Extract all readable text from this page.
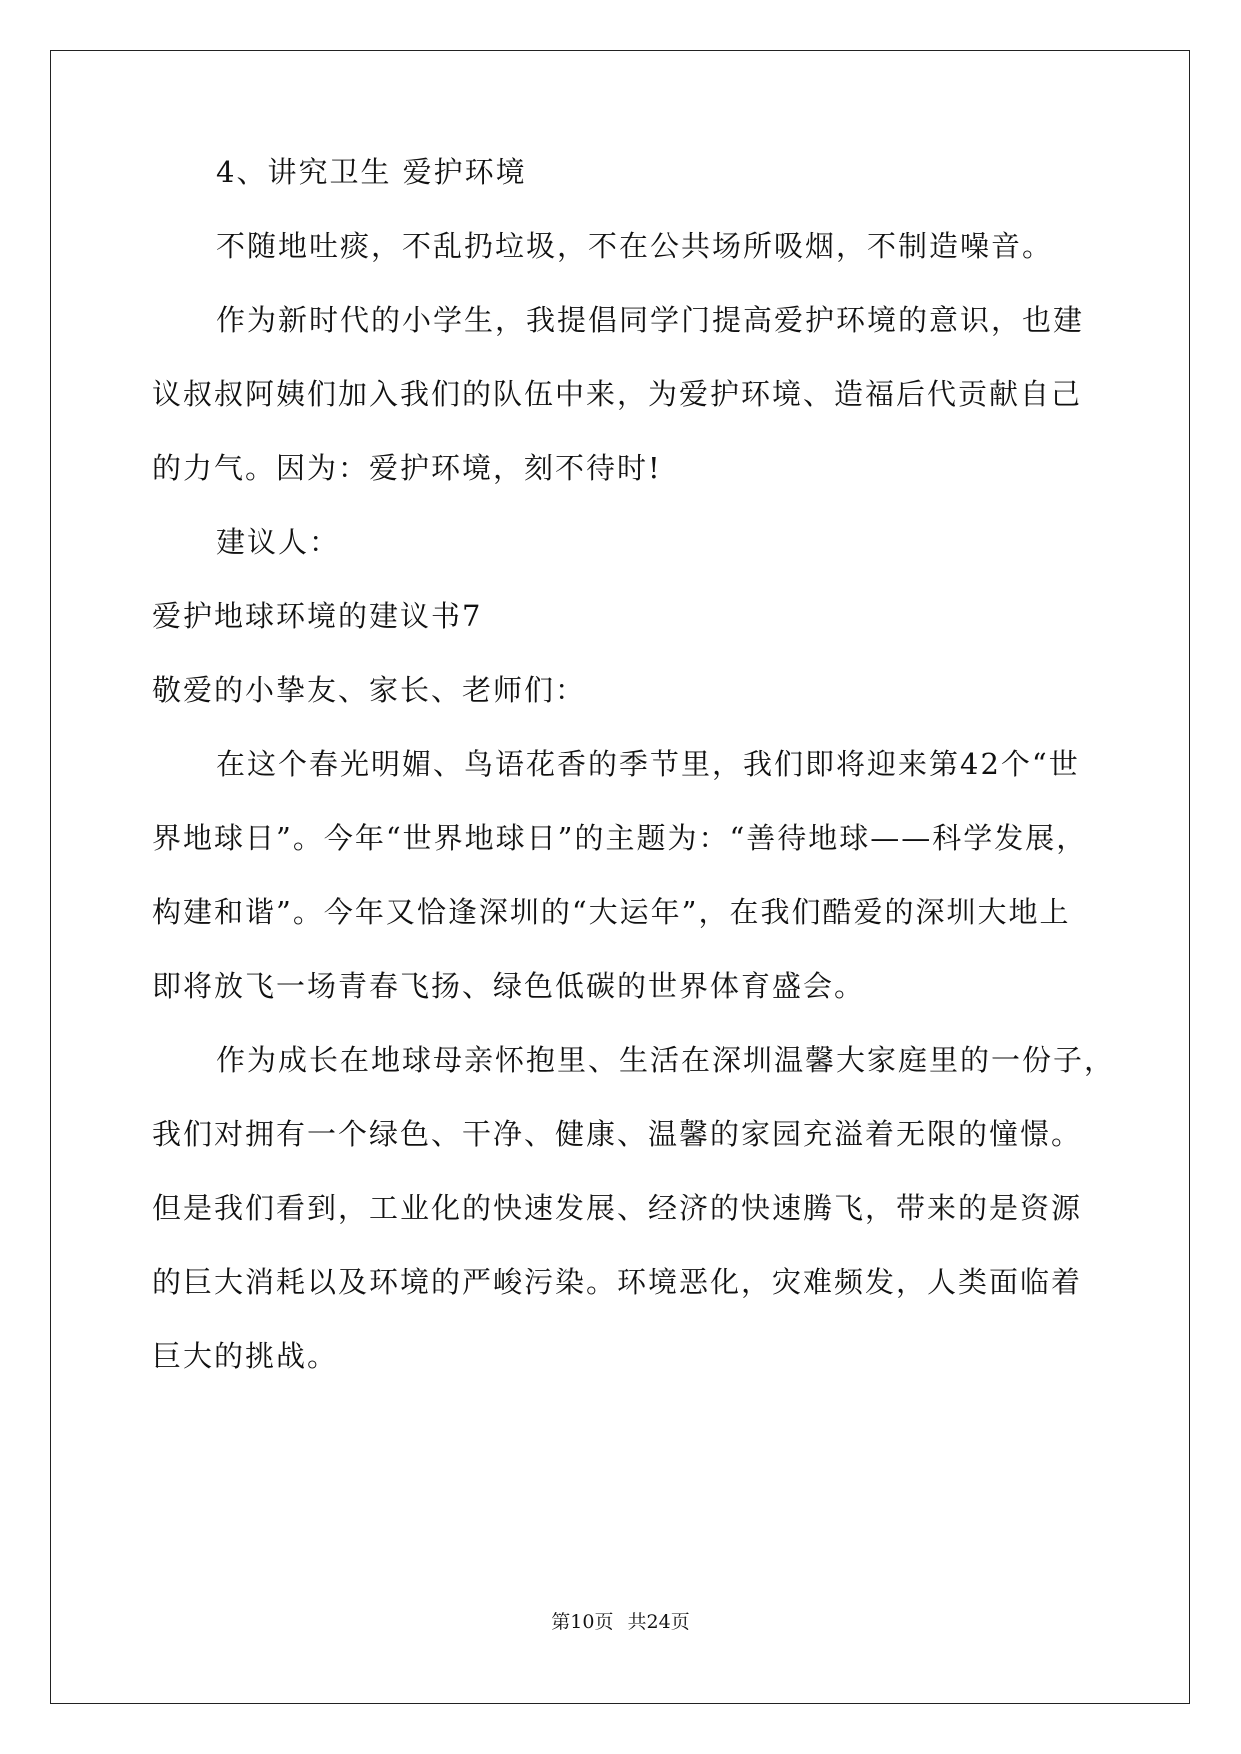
4、讲究卫生 爱护环境
不随地吐痰，不乱扔垃圾，不在公共场所吸烟，不制造噪音。
作为新时代的小学生，我提倡同学门提高爱护环境的意识，也建
议叔叔阿姨们加入我们的队伍中来，为爱护环境、造福后代贡献自己
的力气。因为：爱护环境，刻不待时!
建议人：
爱护地球环境的建议书7
敬爱的小挚友、家长、老师们：
在这个春光明媚、鸟语花香的季节里，我们即将迎来第42个“世
界地球日”。今年“世界地球日”的主题为：“善待地球——科学发展，
构建和谐”。今年又恰逢深圳的“大运年”，在我们酷爱的深圳大地上
即将放飞一场青春飞扬、绿色低碳的世界体育盛会。
作为成长在地球母亲怀抱里、生活在深圳温馨大家庭里的一份子，
我们对拥有一个绿色、干净、健康、温馨的家园充溢着无限的憧憬。
但是我们看到，工业化的快速发展、经济的快速腾飞，带来的是资源
的巨大消耗以及环境的严峻污染。环境恶化，灾难频发，人类面临着
巨大的挑战。
第10页 共24页
